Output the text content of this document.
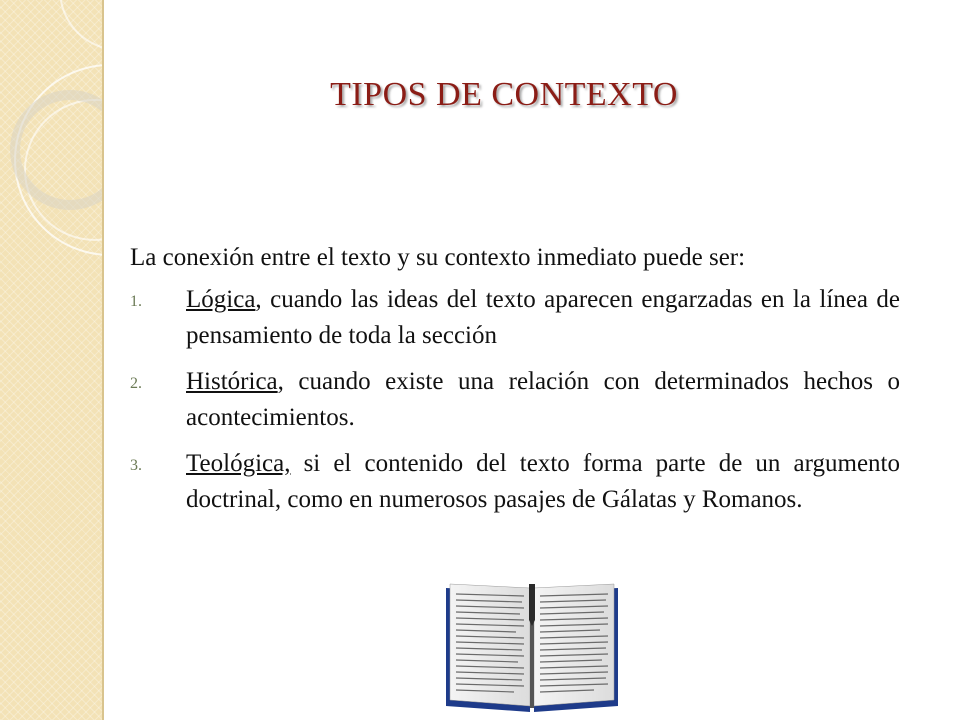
TIPOS DE CONTEXTO

La conexión entre el texto y su contexto inmediato puede ser:

1. Lógica, cuando las ideas del texto aparecen engarzadas en la línea de pensamiento de toda la sección
2. Histórica, cuando existe una relación con determinados hechos o acontecimientos.
3. Teológica, si el contenido del texto forma parte de un argumento doctrinal, como en numerosos pasajes de Gálatas y Romanos.
